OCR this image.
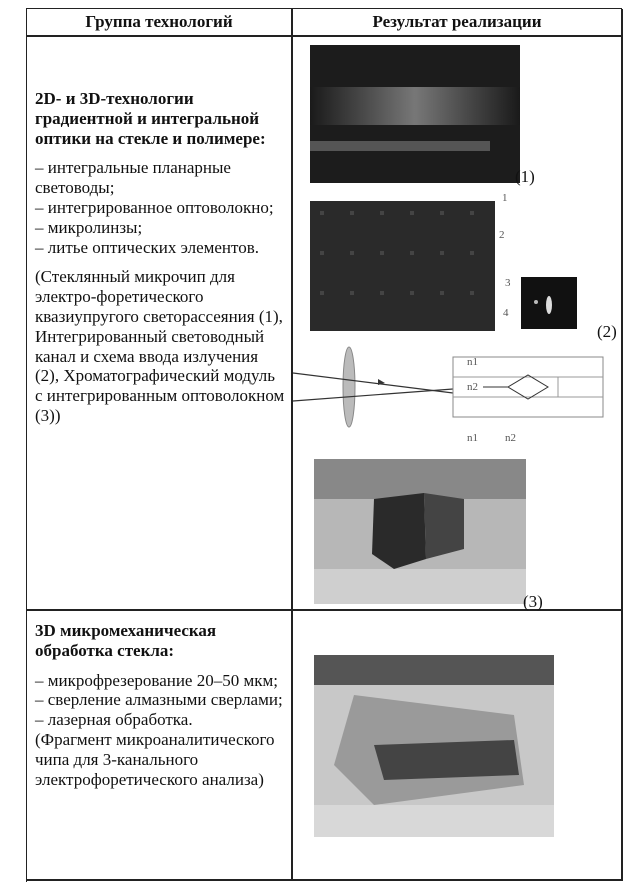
Группа технологий	Результат реализации
2D- и 3D-технологии градиентной и интегральной оптики на стекле и полимере:
– интегральные планарные световоды;
– интегрированное оптоволокно;
– микролинзы;
– литье оптических элементов.
(Стеклянный микрочип для электро-форетического квазиупругого светорассеяния (1), Интегрированный световодный канал и схема ввода излучения (2), Хроматографический модуль с интегрированным оптоволокном (3))
(1)
1
2
3
4
(2)
n1
n2
n1 n2
(3)
3D микромеханическая обработка стекла:
– микрофрезерование 20–50 мкм;
– сверление алмазными сверлами;
– лазерная обработка.
(Фрагмент микроаналитического чипа для 3-канального электрофоретического анализа)
